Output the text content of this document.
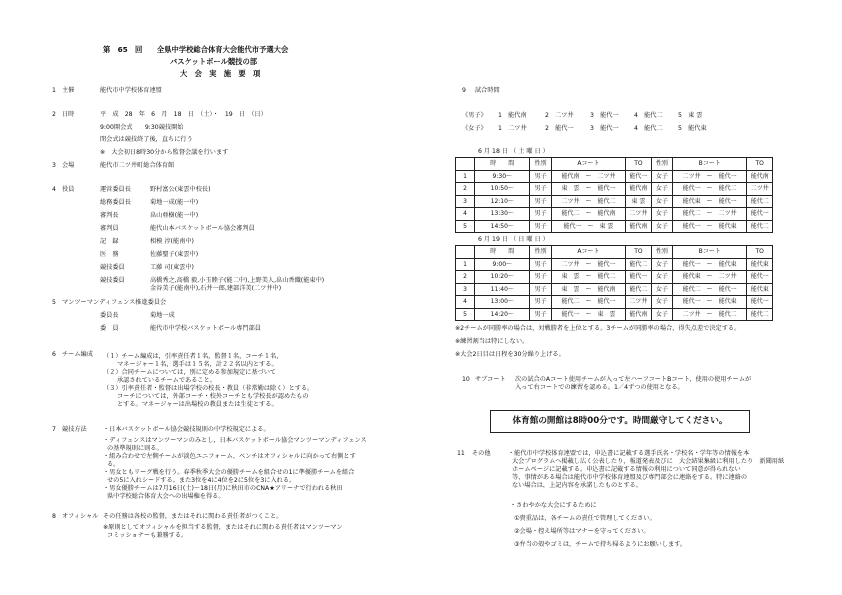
第　65　回　　全県中学校総合体育大会能代市予選大会
バスケットボール競技の部
大　会　実　施　要　項
1 主催	能代市中学校体育連盟
2 日時	平　成　28　年　6　月　18　日　（土）・　19　日　（日）
9:00開会式　　9:30競技開始
閉会式は競技終了後，直ちに行う
※　大会初日8時30分から監督会議を行います
3 会場	能代市二ツ井町総合体育館
4 役員	運営委員長	野村富公(東雲中校長)
総務委員長	菊地一成(能一中)
審判長	畠山亜樹(能一中)
審判員	能代山本バスケットボール協会審判員
記　録	相模 淳(能南中)
医　務	佐藤聖子(東雲中)
競技委員	工藤 司(東雲中)
競技委員	高橋秀之,髙橋 毅,小玉睦子(能二中),上野美人,畠山香織(能東中)
金谷美子(能南中),石井一郎,建部洋美(二ツ井中)
5 マンツーマンディフェンス推進委員会
委員長	菊地一成
委　員	能代市中学校バスケットボール専門部員
6 チーム編成 （１）チーム編成は，引率責任者１名，監督１名，コーチ１名，
マネージャー１名，選手は１５名，計２２名以内とする。
（２）合同チームについては，別に定める参加規定に基づいて
承認されているチームであること。
（３）引率責任者・監督は出場学校の校長・教員（非常勤は除く）とする。
コーチについては，外部コーチ・校外コーチとも学校長が認めたもの
とする。マネージャーは出場校の教員または生徒とする。
7 競技方法	・日本バスケットボール協会競技規則の中学校規定による。
・ディフェンスはマンツーマンのみとし，日本バスケットボール協会マンツーマンディフェンス
の基準規則に則る。
・組み合わせで左側チームが淡色ユニフォーム、ベンチはオフィシャルに向かって右側とす
る。
・男女ともリーグ戦を行う。春季秋季大会の優勝チームを組合せの1に準優勝チームを組合
せの5に入れシードする。また3位を4に4位を2に5位を3に入れる。
・男女優勝チームは7月16日(土)～18日(月)に秋田市のCNA★アリーナで行われる秋田
県中学校総合体育大会への出場権を得る。
8 オフィシャル その任務は各校の監督，またはそれに関わる責任者がつくこと。
※原則としてオフィシャルを担当する監督，またはそれに関わる責任者はマンツーマン
コミッショナーも兼務する。
9 試合時間
《男子》 1　能代南	2　二ツ井	3　能代一 4　能代二 5　東 雲
《女子》 1　二ツ井	2　能代一	3　能代一 4　能代二 5　能代東
6 月 18 日 （ 土 曜 日 ）
	時　　間	性別	Aコート	TO	性別	Bコート	TO
1	9:30～	男子	能代南　ー　二ツ井	能代一	女子	二ツ井　ー　能代一	能代南
2	10:50～	男子	東　雲　ー　能代一	能代南	女子	能代一　ー　能代二	二ツ井
3	12:10～	男子	二ツ井　ー　能代二	東 雲	女子	能代東　ー　能代一	能代二
4	13:30～	男子	能代二　ー　能代南	二ツ井	女子	能代二　ー　二ツ井	能代一
5	14:50～	男子	能代一　ー　東 雲	能代南	女子	能代一　ー　能代東	能代二
6 月 19 日 （ 日 曜 日 ）
	時　　間	性別	Aコート	TO	性別	Bコート	TO
1	9:00～	男子	二ツ井　ー　能代一	能代二	女子	能代一　ー　能代東	能代東
2	10:20～	男子	東　雲　ー　能代二	能代一	女子	能代東　ー　二ツ井	能代一
3	11:40～	男子	東　雲　ー　能代南	能代二	女子	能代二　ー　能代一	能代東
4	13:00～	男子	能代二　ー　能代一	二ツ井	女子	能代一　ー　能代東	能代一
5	14:20～	男子	能代一　ー　東　雲	能代南	女子	二ツ井　ー　能代二	能代二
※2チームが同勝率の場合は，対戦勝者を上位とする。3チームが同勝率の場合，得失点差で決定する。
※練習割当は特にしない。
※大会2日目は日程を30分繰り上げる。
10 サブコート 次の試合のAコート使用チームが入って左ハーフコートBコート，使用の使用チームが
入って右コートでの練習を認める。1／4ずつの使用となる。
体育館の開館は8時00分です。時間厳守してください。
11 その他	・能代市中学校体育連盟では，申込書に記載する選手氏名・学校名・学年等の情報を本
大会プログラムへ掲載し広く公表したり，報道発表及びに　大会結果集級に利用したり　新聞用紙
ホームページに記載する。申込書に記載する情報の利用について同意が得られない
等，事情がある場合は能代市中学校体育連盟及び専門部会に連絡をする。特に連絡の
ない場合は，上記内容を承諾したものとする。
・さわやかな大会にするために
①貴重品は，各チームの責任で管理してください。
②会場・控え場所等はマナーを守ってください。
③弁当の殻やゴミは，チームで持ち帰るようにお願いします。
